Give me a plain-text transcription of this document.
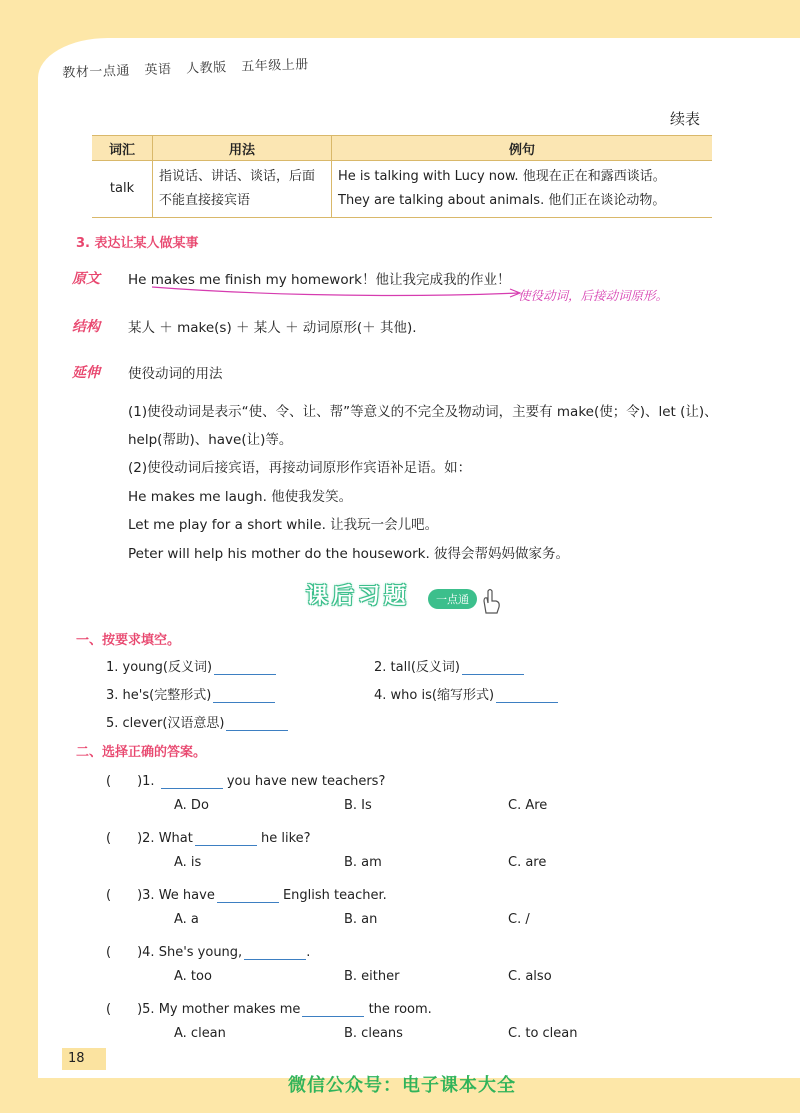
教材一点通 英语 人教版 五年级上册
续表
词汇	用法	例句
talk	指说话、讲话、谈话，后面不能直接接宾语	He is talking with Lucy now. 他现在正在和露西谈话。
They are talking about animals. 他们正在谈论动物。
3. 表达让某人做某事
原文	He makes me finish my homework！他让我完成我的作业！
使役动词，后接动词原形。
结构	某人 ＋ make(s) ＋ 某人 ＋ 动词原形(＋ 其他).
延伸	使役动词的用法
(1)使役动词是表示“使、令、让、帮”等意义的不完全及物动词，主要有 make(使；令)、let (让)、help(帮助)、have(让)等。
(2)使役动词后接宾语，再接动词原形作宾语补足语。如：
He makes me laugh. 他使我发笑。
Let me play for a short while. 让我玩一会儿吧。
Peter will help his mother do the housework. 彼得会帮妈妈做家务。
课后习题	一点通
一、按要求填空。
1. young(反义词)	2. tall(反义词)
3. he's(完整形式)	4. who is(缩写形式)
5. clever(汉语意思)
二、选择正确的答案。
(　　)1.	you have new teachers?
A. Do	B. Is	C. Are
(　　)2. What	he like?
A. is	B. am	C. are
(　　)3. We have	English teacher.
A. a	B. an	C. /
(　　)4. She's young,	.
A. too	B. either	C. also
(　　)5. My mother makes me	the room.
A. clean	B. cleans	C. to clean
18
微信公众号：电子课本大全
